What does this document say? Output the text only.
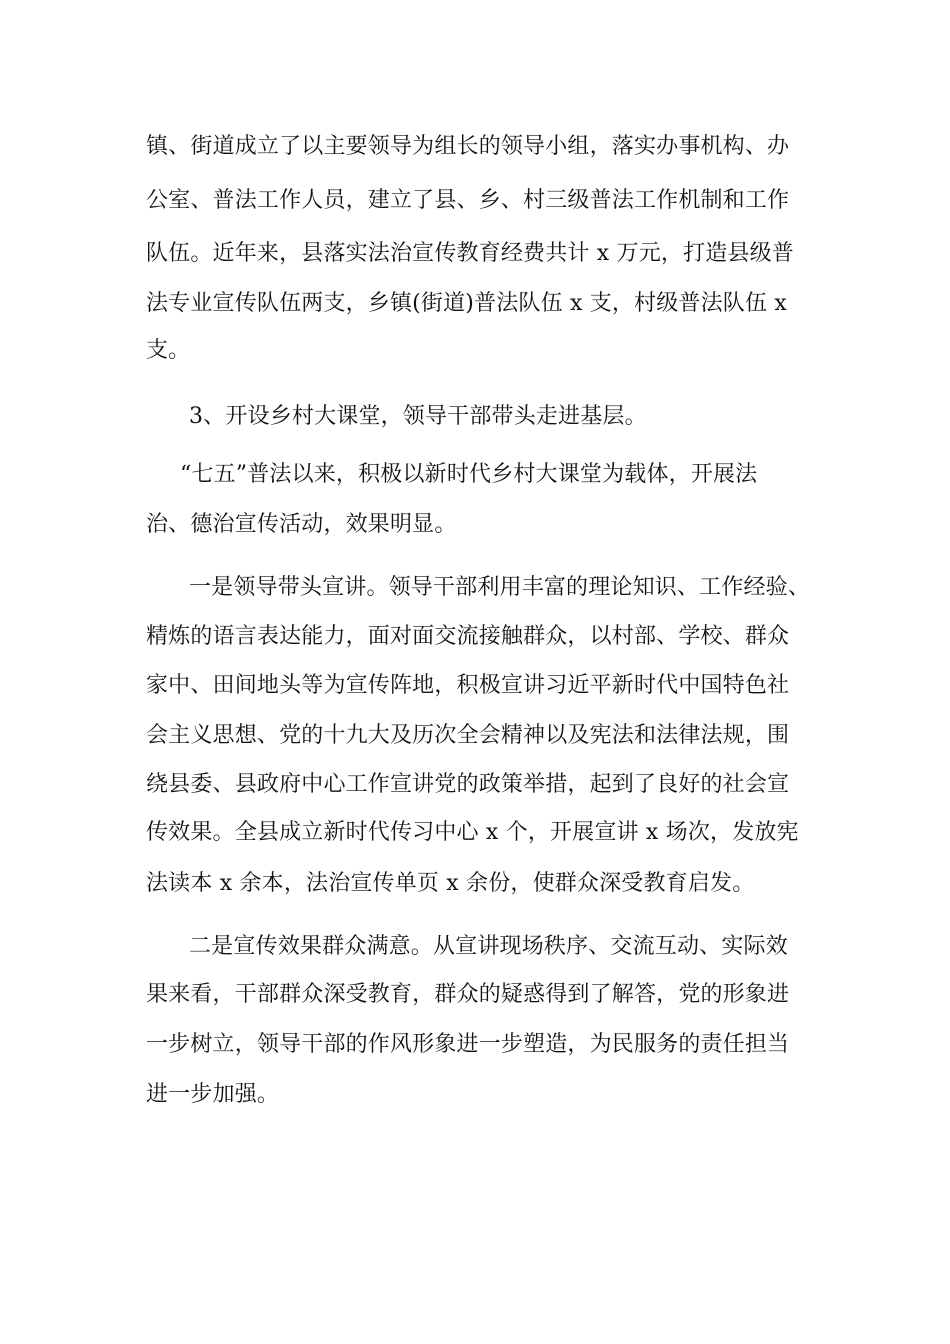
镇、街道成立了以主要领导为组长的领导小组，落实办事机构、办

公室、普法工作人员，建立了县、乡、村三级普法工作机制和工作

队伍。近年来，县落实法治宣传教育经费共计 x 万元，打造县级普

法专业宣传队伍两支，乡镇(街道)普法队伍 x 支，村级普法队伍 x

支。

3、开设乡村大课堂，领导干部带头走进基层。

“七五”普法以来，积极以新时代乡村大课堂为载体，开展法

治、德治宣传活动，效果明显。

一是领导带头宣讲。领导干部利用丰富的理论知识、工作经验、

精炼的语言表达能力，面对面交流接触群众，以村部、学校、群众

家中、田间地头等为宣传阵地，积极宣讲习近平新时代中国特色社

会主义思想、党的十九大及历次全会精神以及宪法和法律法规，围

绕县委、县政府中心工作宣讲党的政策举措，起到了良好的社会宣

传效果。全县成立新时代传习中心 x 个，开展宣讲 x 场次，发放宪

法读本 x 余本，法治宣传单页 x 余份，使群众深受教育启发。

二是宣传效果群众满意。从宣讲现场秩序、交流互动、实际效

果来看，干部群众深受教育，群众的疑惑得到了解答，党的形象进

一步树立，领导干部的作风形象进一步塑造，为民服务的责任担当

进一步加强。
